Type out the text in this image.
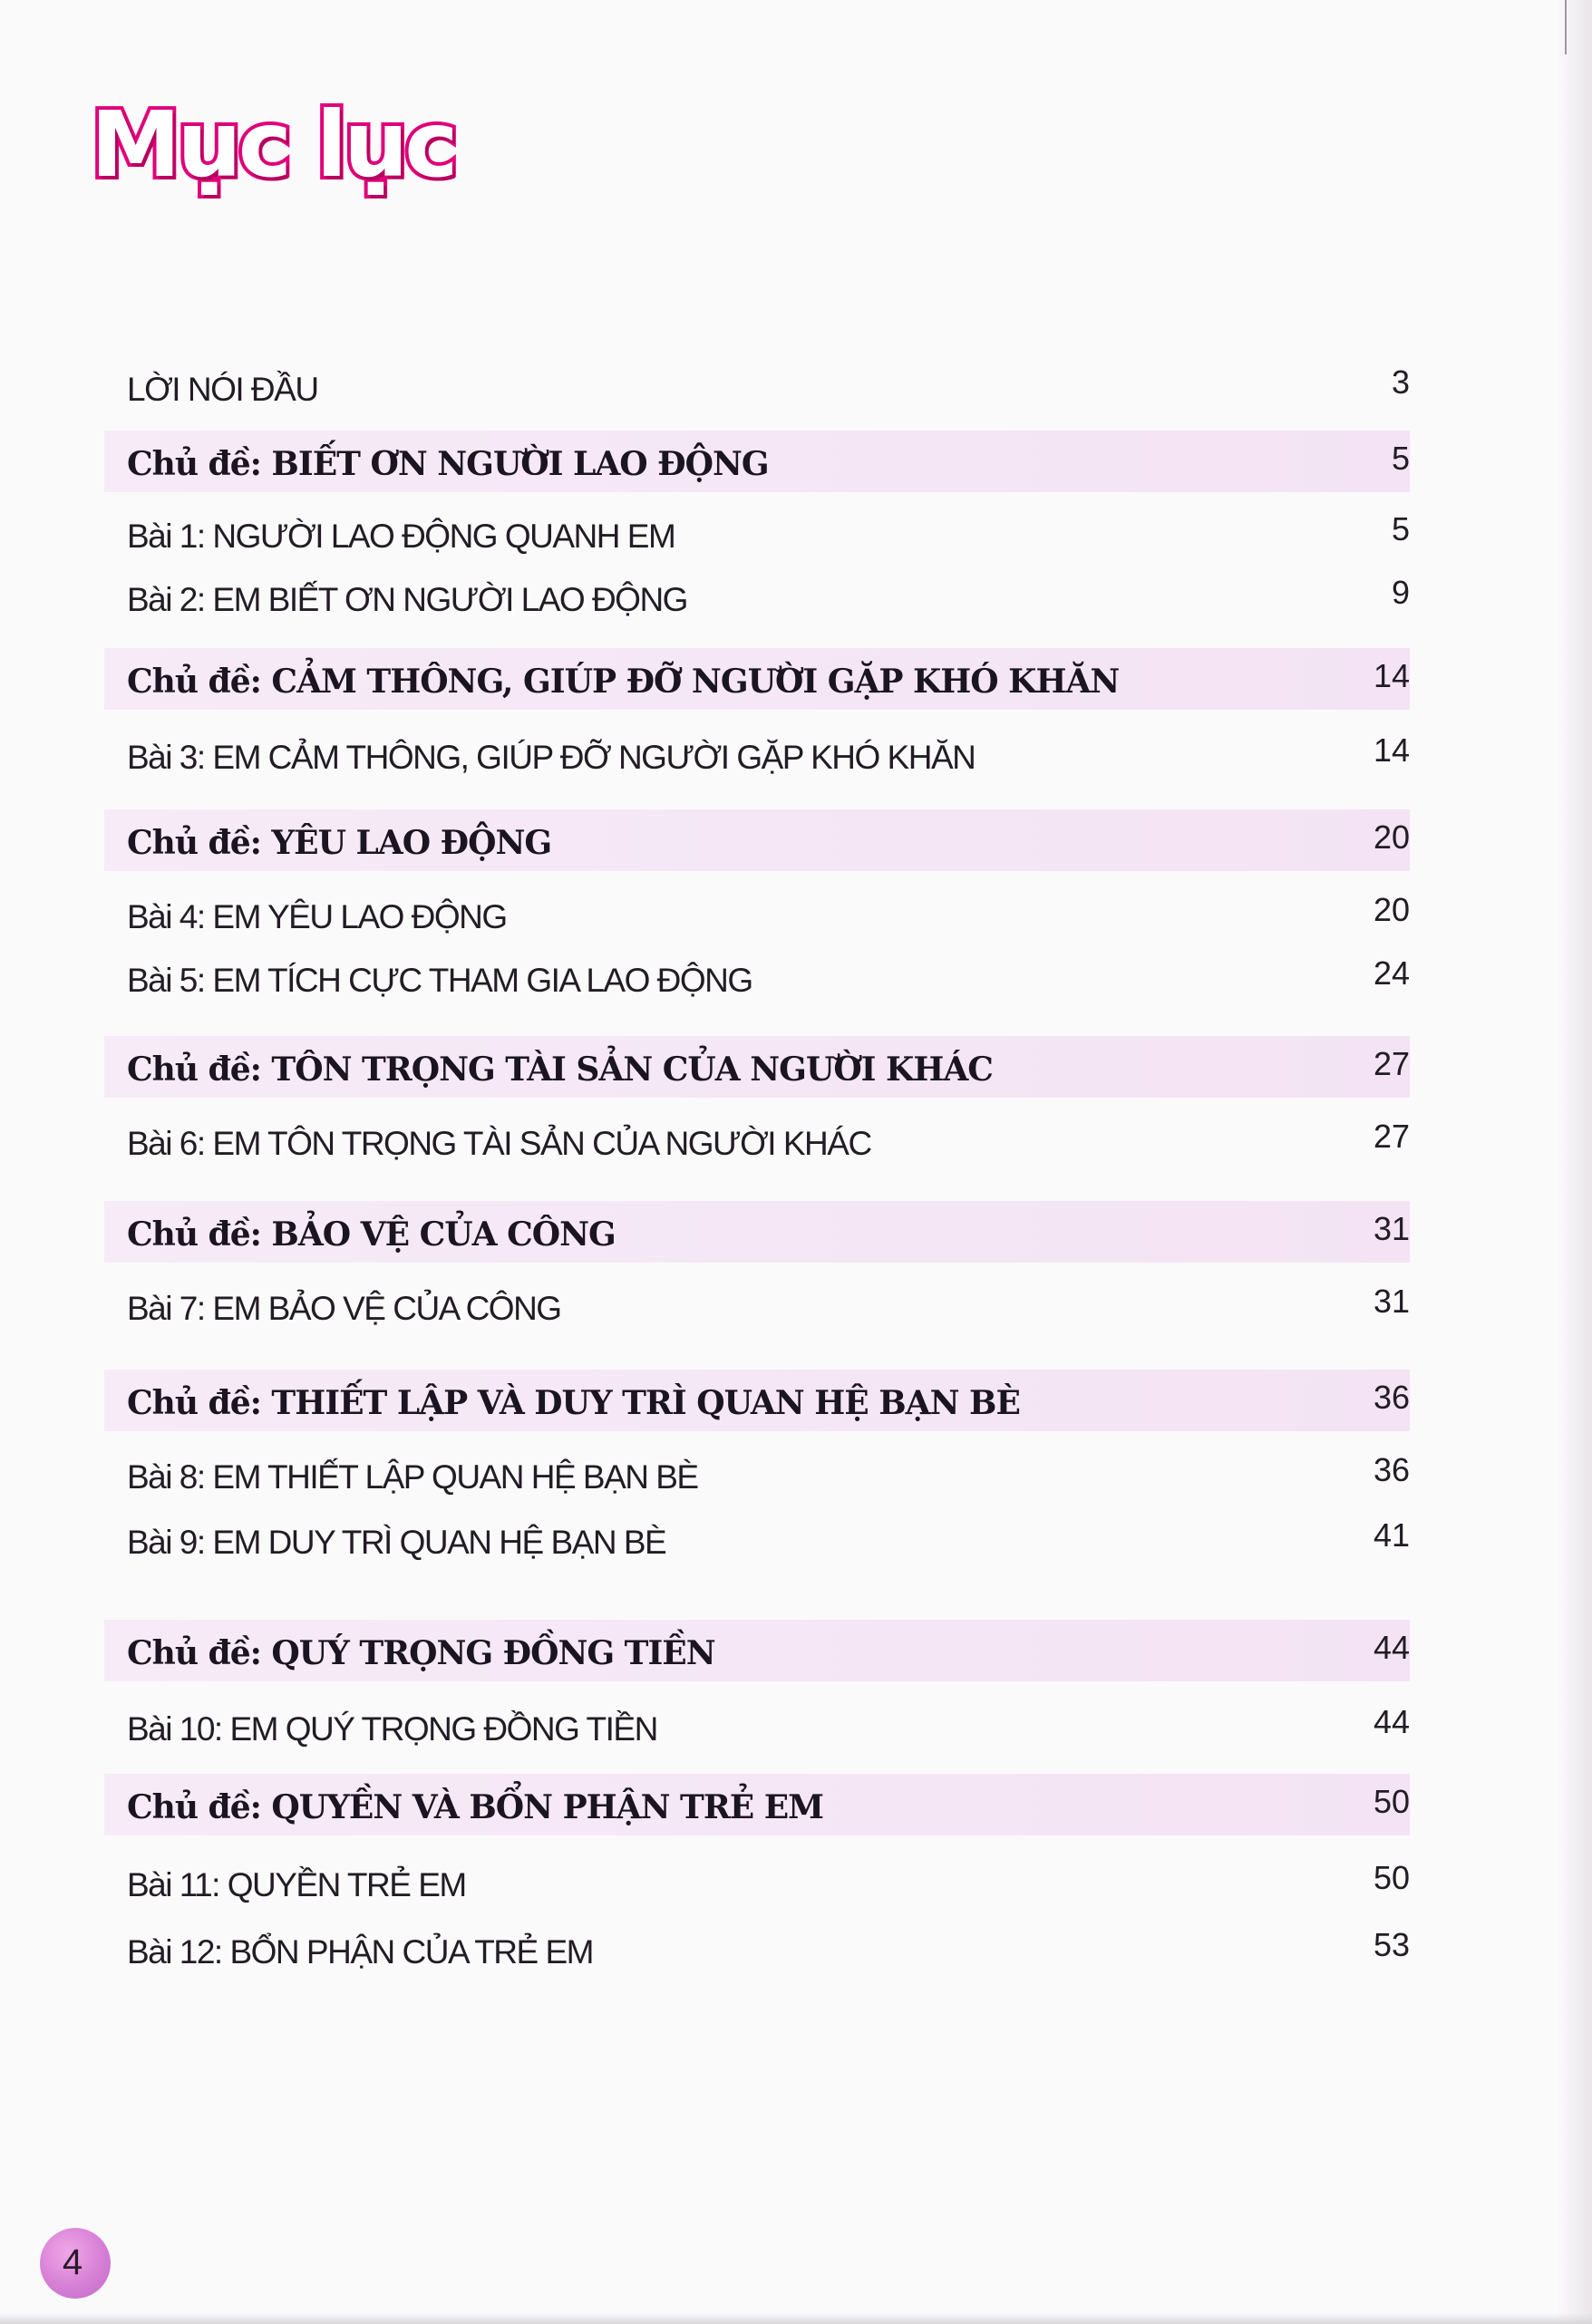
Mục lục
LỜI NÓI ĐẦU	3
Chủ đề: BIẾT ƠN NGƯỜI LAO ĐỘNG	5
Bài 1: NGƯỜI LAO ĐỘNG QUANH EM	5
Bài 2: EM BIẾT ƠN NGƯỜI LAO ĐỘNG	9
Chủ đề: CẢM THÔNG, GIÚP ĐỠ NGƯỜI GẶP KHÓ KHĂN	14
Bài 3: EM CẢM THÔNG, GIÚP ĐỠ NGƯỜI GẶP KHÓ KHĂN	14
Chủ đề: YÊU LAO ĐỘNG	20
Bài 4: EM YÊU LAO ĐỘNG	20
Bài 5: EM TÍCH CỰC THAM GIA LAO ĐỘNG	24
Chủ đề: TÔN TRỌNG TÀI SẢN CỦA NGƯỜI KHÁC	27
Bài 6: EM TÔN TRỌNG TÀI SẢN CỦA NGƯỜI KHÁC	27
Chủ đề: BẢO VỆ CỦA CÔNG	31
Bài 7: EM BẢO VỆ CỦA CÔNG	31
Chủ đề: THIẾT LẬP VÀ DUY TRÌ QUAN HỆ BẠN BÈ	36
Bài 8: EM THIẾT LẬP QUAN HỆ BẠN BÈ	36
Bài 9: EM DUY TRÌ QUAN HỆ BẠN BÈ	41
Chủ đề: QUÝ TRỌNG ĐỒNG TIỀN	44
Bài 10: EM QUÝ TRỌNG ĐỒNG TIỀN	44
Chủ đề: QUYỀN VÀ BỔN PHẬN TRẺ EM	50
Bài 11: QUYỀN TRẺ EM	50
Bài 12: BỔN PHẬN CỦA TRẺ EM	53
4
